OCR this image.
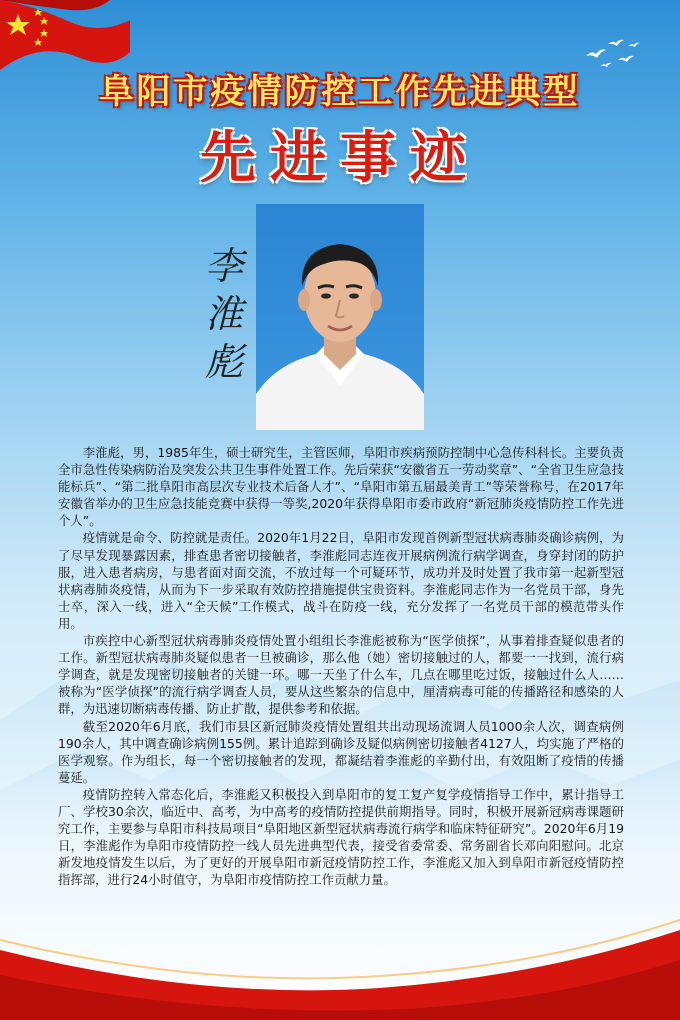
阜阳市疫情防控工作先进典型
先进事迹
李
淮
彪

李淮彪，男，1985年生，硕士研究生，主管医师，阜阳市疾病预防控制中心急传科科长。主要负责全市急性传染病防治及突发公共卫生事件处置工作。先后荣获“安徽省五一劳动奖章”、“全省卫生应急技能标兵”、“第二批阜阳市高层次专业技术后备人才”、“阜阳市第五届最美青工”等荣誉称号，在2017年安徽省举办的卫生应急技能竞赛中获得一等奖,2020年获得阜阳市委市政府“新冠肺炎疫情防控工作先进个人”。

疫情就是命令、防控就是责任。2020年1月22日，阜阳市发现首例新型冠状病毒肺炎确诊病例，为了尽早发现暴露因素，排查患者密切接触者，李淮彪同志连夜开展病例流行病学调查，身穿封闭的防护服，进入患者病房，与患者面对面交流，不放过每一个可疑环节，成功并及时处置了我市第一起新型冠状病毒肺炎疫情，从而为下一步采取有效防控措施提供宝贵资料。李淮彪同志作为一名党员干部，身先士卒，深入一线，进入“全天候”工作模式，战斗在防疫一线，充分发挥了一名党员干部的模范带头作用。

市疾控中心新型冠状病毒肺炎疫情处置小组组长李淮彪被称为“医学侦探”，从事着排查疑似患者的工作。新型冠状病毒肺炎疑似患者一旦被确诊，那么他（她）密切接触过的人，都要一一找到，流行病学调查，就是发现密切接触者的关键一环。哪一天坐了什么车，几点在哪里吃过饭，接触过什么人……被称为“医学侦探”的流行病学调查人员，要从这些繁杂的信息中，厘清病毒可能的传播路径和感染的人群，为迅速切断病毒传播、防止扩散，提供参考和依据。

截至2020年6月底，我们市县区新冠肺炎疫情处置组共出动现场流调人员1000余人次，调查病例190余人，其中调查确诊病例155例。累计追踪到确诊及疑似病例密切接触者4127人，均实施了严格的医学观察。作为组长，每一个密切接触者的发现，都凝结着李淮彪的辛勤付出，有效阻断了疫情的传播蔓延。

疫情防控转入常态化后，李淮彪又积极投入到阜阳市的复工复产复学疫情指导工作中，累计指导工厂、学校30余次，临近中、高考，为中高考的疫情防控提供前期指导。同时，积极开展新冠病毒课题研究工作，主要参与阜阳市科技局项目“阜阳地区新型冠状病毒流行病学和临床特征研究”。2020年6月19日，李淮彪作为阜阳市疫情防控一线人员先进典型代表，接受省委常委、常务副省长邓向阳慰问。北京新发地疫情发生以后，为了更好的开展阜阳市新冠疫情防控工作，李淮彪又加入到阜阳市新冠疫情防控指挥部，进行24小时值守，为阜阳市疫情防控工作贡献力量。
